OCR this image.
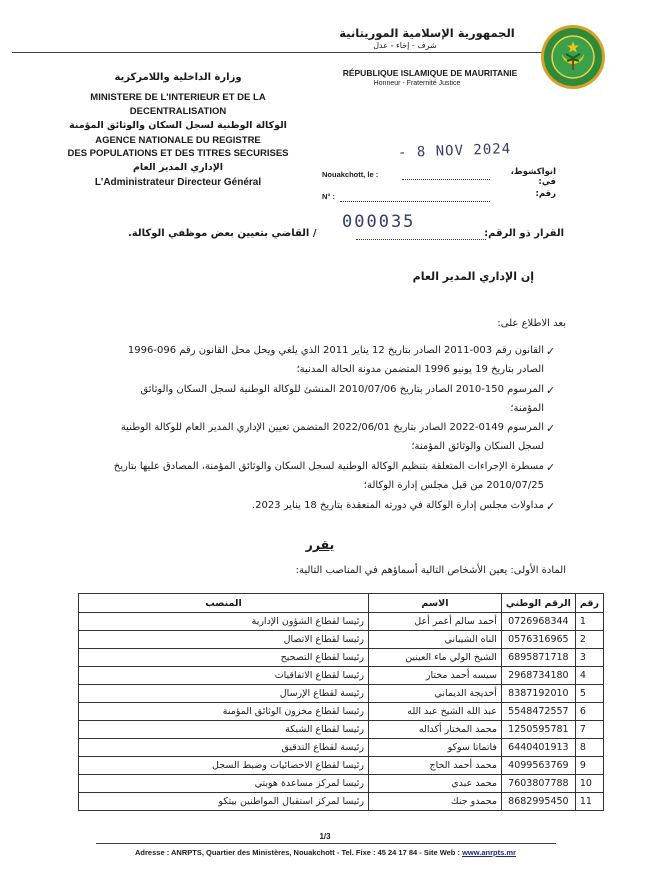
الجمهورية الإسلامية الموريتانية
شرف - إخاء - عدل
RÉPUBLIQUE ISLAMIQUE DE MAURITANIE
Honneur - Fraternité Justice
وزارة الداخلية واللامركزية
MINISTERE DE L'INTERIEUR ET DE LA
DECENTRALISATION
الوكالة الوطنية لسجل السكان والوثائق المؤمنة
AGENCE NATIONALE DU REGISTRE
DES POPULATIONS ET DES TITRES SECURISES
الإداري المدير العام
L'Administrateur Directeur Général
- 8 NOV 2024
Nouakchott, le :	انواكشوط، في:
N° :	رقم:
000035
القرار ذو الرقم:
/ القاضي بتعيين بعض موظفي الوكالة.
إن الإداري المدير العام
بعد الاطلاع على:
✓
القانون رقم 003-2011 الصادر بتاريخ 12 يناير 2011 الذي يلغي ويحل محل القانون رقم 096-1996 الصادر بتاريخ 19 يونيو 1996 المتضمن مدونة الحالة المدنية؛
✓
المرسوم 150-2010 الصادر بتاريخ 2010/07/06 المنشئ للوكالة الوطنية لسجل السكان والوثائق المؤمنة؛
✓
المرسوم 0149-2022 الصادر بتاريخ 2022/06/01 المتضمن تعيين الإداري المدير العام للوكالة الوطنية لسجل السكان والوثائق المؤمنة؛
✓
مسطرة الإجراءات المتعلقة بتنظيم الوكالة الوطنية لسجل السكان والوثائق المؤمنة، المصادق عليها بتاريخ 2010/07/25 من قبل مجلس إدارة الوكالة؛
✓
مداولات مجلس إدارة الوكالة في دورته المنعقدة بتاريخ 18 يناير 2023.
يقرر
المادة الأولى: يعين الأشخاص التالية أسماؤهم في المناصب التالية:
رقم	الرقم الوطني	الاسم	المنصب
1	0726968344	أحمد سالم أعمر أعل	رئيسا لقطاع الشؤون الإدارية
2	0576316965	الناه الشيباني	رئيسا لقطاع الاتصال
3	6895871718	الشيخ الولي ماء العينين	رئيسا لقطاع التصحيح
4	2968734180	سيسه أحمد مختار	رئيسا لقطاع الاتفاقيات
5	8387192010	أخديجة الديماني	رئيسة لقطاع الإرسال
6	5548472557	عبد الله الشيخ عبد الله	رئيسا لقطاع مخزون الوثائق المؤمنة
7	1250595781	محمد المختار أكداله	رئيسا لقطاع الشبكة
8	6440401913	فاتماتا سوكو	رئيسة لقطاع التدقيق
9	4099563769	محمد أحمد الحاج	رئيسا لقطاع الاحصائيات وضبط السجل
10	7603807788	محمد عبدي	رئيسا لمركز مساعدة هوبتي
11	8682995450	محمدو جنك	رئيسا لمركز استقبال المواطنين بيتكو
1/3
Adresse : ANRPTS, Quartier des Ministères, Nouakchott - Tel. Fixe : 45 24 17 84 - Site Web : www.anrpts.mr
